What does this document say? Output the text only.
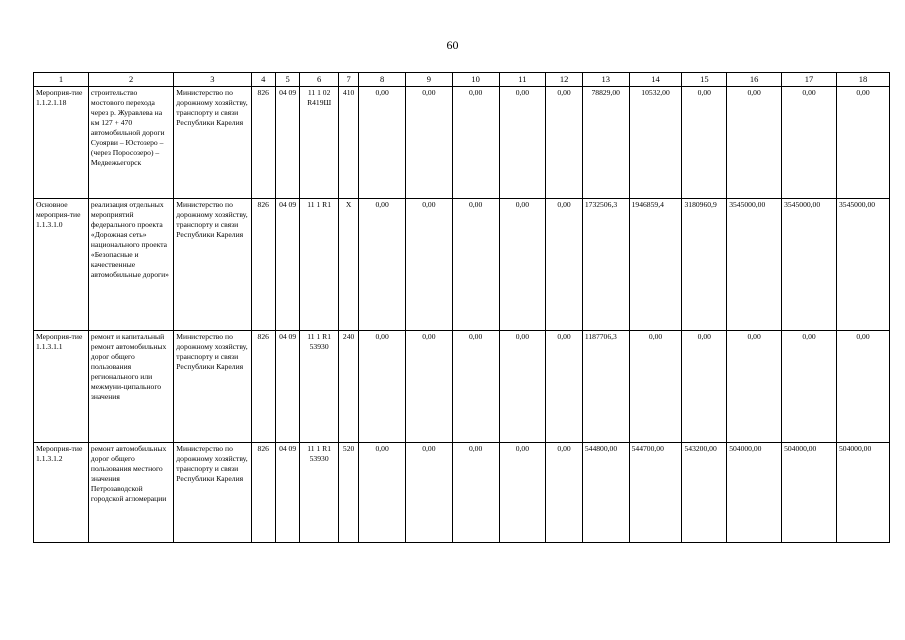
60
1	2	3	4	5	6	7	8	9	10	11	12	13	14	15	16	17	18
Мероприя-тие 1.1.2.1.18	строительство мостового перехода через р. Журавлева на км 127 + 470 автомобильной дороги Суоярви – Юстозеро – (через Поросозеро) – Медвежьегорск	Министерство по дорожному хозяйству, транспорту и связи Республики Карелия	826	04 09	11 1 02 R419Ш	410	0,00	0,00	0,00	0,00	0,00	78829,00	10532,00	0,00	0,00	0,00	0,00
Основное мероприя-тие 1.1.3.1.0	реализация отдельных мероприятий федерального проекта «Дорожная сеть» национального проекта «Безопасные и качественные автомобильные дороги»	Министерство по дорожному хозяйству, транспорту и связи Республики Карелия	826	04 09	11 1 R1	Х	0,00	0,00	0,00	0,00	0,00	1732506,3	1946859,4	3180960,9	3545000,00	3545000,00	3545000,00
Мероприя-тие 1.1.3.1.1	ремонт и капитальный ремонт автомобильных дорог общего пользования регионального или межмуни-ципального значения	Министерство по дорожному хозяйству, транспорту и связи Республики Карелия	826	04 09	11 1 R1 53930	240	0,00	0,00	0,00	0,00	0,00	1187706,3	0,00	0,00	0,00	0,00	0,00
Мероприя-тие 1.1.3.1.2	ремонт автомобильных дорог общего пользования местного значения Петрозаводской городской агломерации	Министерство по дорожному хозяйству, транспорту и связи Республики Карелия	826	04 09	11 1 R1 53930	520	0,00	0,00	0,00	0,00	0,00	544800,00	544700,00	543200,00	504000,00	504000,00	504000,00
